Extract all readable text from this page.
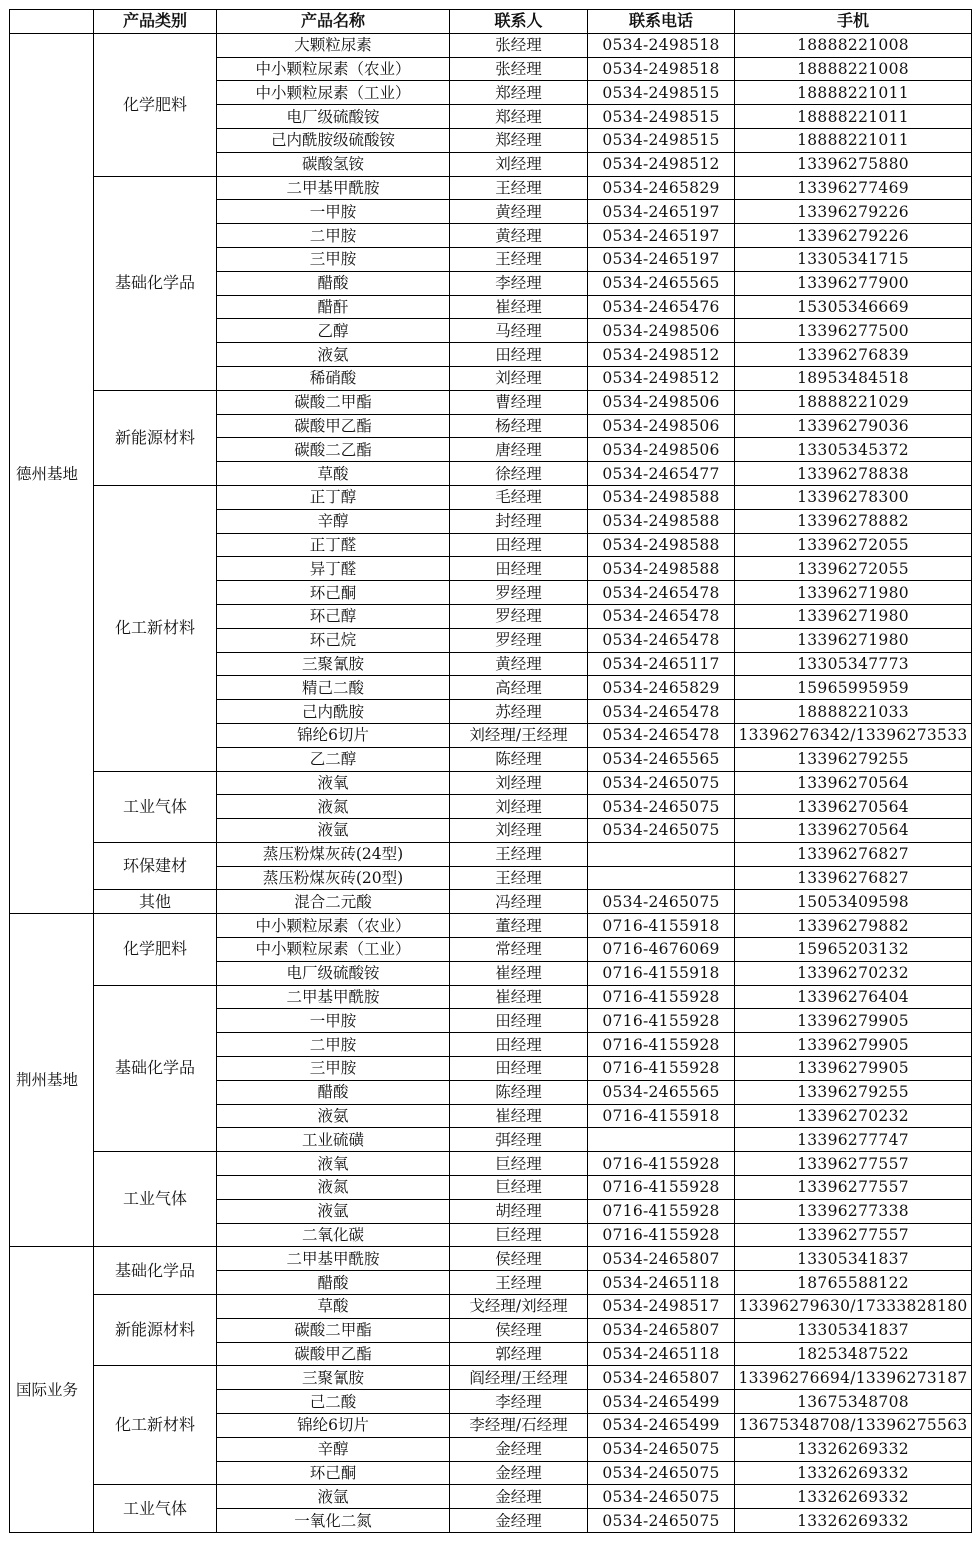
	产品类别	产品名称	联系人	联系电话	手机
德州基地	化学肥料	大颗粒尿素	张经理	0534-2498518	18888221008
		中小颗粒尿素（农业）	张经理	0534-2498518	18888221008
		中小颗粒尿素（工业）	郑经理	0534-2498515	18888221011
		电厂级硫酸铵	郑经理	0534-2498515	18888221011
		己内酰胺级硫酸铵	郑经理	0534-2498515	18888221011
		碳酸氢铵	刘经理	0534-2498512	13396275880
	基础化学品	二甲基甲酰胺	王经理	0534-2465829	13396277469
		一甲胺	黄经理	0534-2465197	13396279226
		二甲胺	黄经理	0534-2465197	13396279226
		三甲胺	王经理	0534-2465197	13305341715
		醋酸	李经理	0534-2465565	13396277900
		醋酐	崔经理	0534-2465476	15305346669
		乙醇	马经理	0534-2498506	13396277500
		液氨	田经理	0534-2498512	13396276839
		稀硝酸	刘经理	0534-2498512	18953484518
	新能源材料	碳酸二甲酯	曹经理	0534-2498506	18888221029
		碳酸甲乙酯	杨经理	0534-2498506	13396279036
		碳酸二乙酯	唐经理	0534-2498506	13305345372
		草酸	徐经理	0534-2465477	13396278838
	化工新材料	正丁醇	毛经理	0534-2498588	13396278300
		辛醇	封经理	0534-2498588	13396278882
		正丁醛	田经理	0534-2498588	13396272055
		异丁醛	田经理	0534-2498588	13396272055
		环己酮	罗经理	0534-2465478	13396271980
		环己醇	罗经理	0534-2465478	13396271980
		环己烷	罗经理	0534-2465478	13396271980
		三聚氰胺	黄经理	0534-2465117	13305347773
		精己二酸	高经理	0534-2465829	15965995959
		己内酰胺	苏经理	0534-2465478	18888221033
		锦纶6切片	刘经理/王经理	0534-2465478	13396276342/13396273533
		乙二醇	陈经理	0534-2465565	13396279255
	工业气体	液氧	刘经理	0534-2465075	13396270564
		液氮	刘经理	0534-2465075	13396270564
		液氩	刘经理	0534-2465075	13396270564
	环保建材	蒸压粉煤灰砖(24型)	王经理		13396276827
		蒸压粉煤灰砖(20型)	王经理		13396276827
	其他	混合二元酸	冯经理	0534-2465075	15053409598
荆州基地	化学肥料	中小颗粒尿素（农业）	董经理	0716-4155918	13396279882
		中小颗粒尿素（工业）	常经理	0716-4676069	15965203132
		电厂级硫酸铵	崔经理	0716-4155918	13396270232
	基础化学品	二甲基甲酰胺	崔经理	0716-4155928	13396276404
		一甲胺	田经理	0716-4155928	13396279905
		二甲胺	田经理	0716-4155928	13396279905
		三甲胺	田经理	0716-4155928	13396279905
		醋酸	陈经理	0534-2465565	13396279255
		液氨	崔经理	0716-4155918	13396270232
		工业硫磺	弭经理		13396277747
	工业气体	液氧	巨经理	0716-4155928	13396277557
		液氮	巨经理	0716-4155928	13396277557
		液氩	胡经理	0716-4155928	13396277338
		二氧化碳	巨经理	0716-4155928	13396277557
国际业务	基础化学品	二甲基甲酰胺	侯经理	0534-2465807	13305341837
		醋酸	王经理	0534-2465118	18765588122
	新能源材料	草酸	戈经理/刘经理	0534-2498517	13396279630/17333828180
		碳酸二甲酯	侯经理	0534-2465807	13305341837
		碳酸甲乙酯	郭经理	0534-2465118	18253487522
	化工新材料	三聚氰胺	阎经理/王经理	0534-2465807	13396276694/13396273187
		己二酸	李经理	0534-2465499	13675348708
		锦纶6切片	李经理/石经理	0534-2465499	13675348708/13396275563
		辛醇	金经理	0534-2465075	13326269332
		环己酮	金经理	0534-2465075	13326269332
	工业气体	液氩	金经理	0534-2465075	13326269332
		一氧化二氮	金经理	0534-2465075	13326269332
